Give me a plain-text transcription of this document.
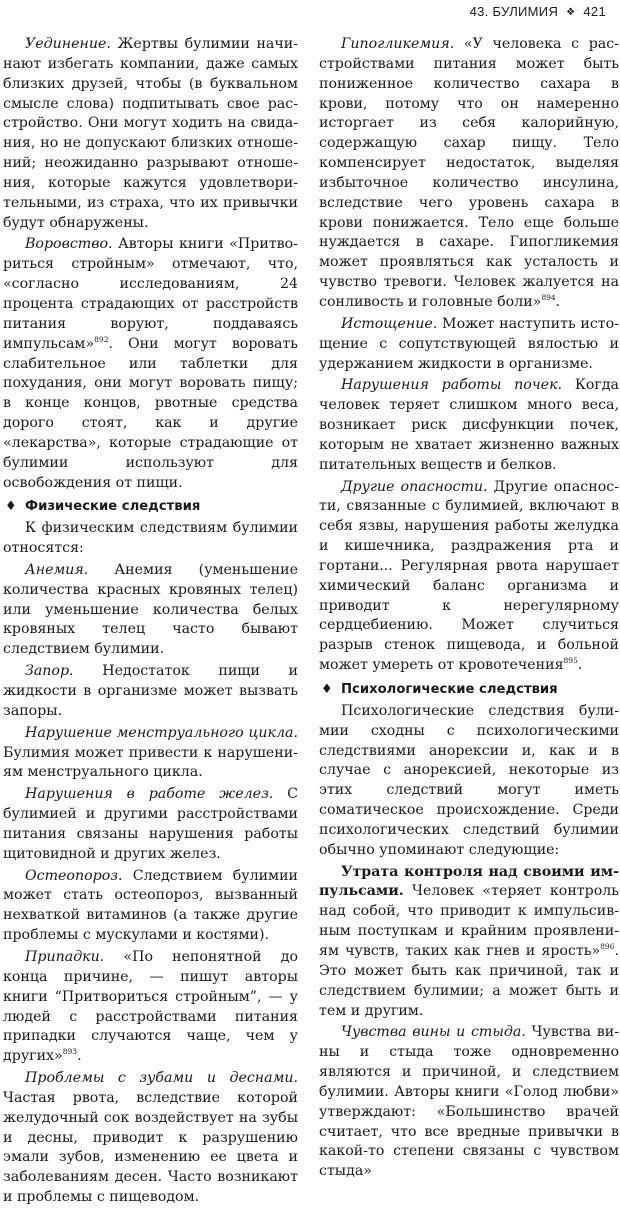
43. БУЛИМИЯ ❖ 421

Уединение. Жертвы булимии начинают избегать компании, даже самых близких друзей, чтобы (в буквальном смысле слова) подпитывать свое расстройство. Они могут ходить на свидания, но не допускают близких отношений; неожиданно разрывают отношения, которые кажутся удовлетворительными, из страха, что их привычки будут обнаружены.

Воровство. Авторы книги «Притвориться стройным» отмечают, что, «согласно исследованиям, 24 процента страдающих от расстройств питания ворyют, поддаваясь импульсам»$^{892}$. Они могут воровать слабительное или таблетки для похудания, они могут воровать пищу; в конце концов, рвотные средства дорого стоят, как и другие «лекарства», которые страдающие от булимии используют для освобождения от пищи.

♦ Физические следствия

К физическим следствиям булимии относятся:

Анемия. Анемия (уменьшение количества красных кровяных телец) или уменьшение количества белых кровяных телец часто бывают следствием булимии.

Запор. Недостаток пищи и жидкости в организме может вызвать запоры.

Нарушение менструального цикла. Булимия может привести к нарушениям менструального цикла.

Нарушения в работе желез. С булимией и другими расстройствами питания связаны нарушения работы щитовидной и других желез.

Остеопороз. Следствием булимии может стать остеопороз, вызванный нехваткой витаминов (а также другие проблемы с мускулами и костями).

Припадки. «По непонятной до конца причине, — пишут авторы книги “Притвориться стройным”, — у людей с расстройствами питания припадки случаются чаще, чем у других»$^{893}$.

Проблемы с зубами и деснами. Частая рвота, вследствие которой желудочный сок воздействует на зубы и десны, приводит к разрушению эмали зубов, изменению ее цвета и заболеваниям десен. Часто возникают и проблемы с пищеводом.

Гипогликемия. «У человека с расстройствами питания может быть пониженное количество сахара в крови, потому что он намеренно исторгает из себя калорийную, содержащую сахар пищу. Тело компенсирует недостаток, выделяя избыточное количество инсулина, вследствие чего уровень сахара в крови понижается. Тело еще больше нуждается в сахаре. Гипогликемия может проявляться как усталость и чувство тревоги. Человек жалуется на сонливость и головные боли»$^{894}$.

Истощение. Может наступить истощение с сопутствующей вялостью и удержанием жидкости в организме.

Нарушения работы почек. Когда человек теряет слишком много веса, возникает риск дисфункции почек, которым не хватает жизненно важных питательных веществ и белков.

Другие опасности. Другие опасности, связанные с булимией, включают в себя язвы, нарушения работы желудка и кишечника, раздражения рта и гортани... Регулярная рвота нарушает химический баланс организма и приводит к нерегулярному сердцебиению. Может случиться разрыв стенок пищевода, и больной может умереть от кровотечения$^{895}$.

♦ Психологические следствия

Психологические следствия булимии сходны с психологическими следствиями анорексии и, как и в случае с анорексией, некоторые из этих следствий могут иметь соматическое происхождение. Среди психологических следствий булимии обычно упоминают следующие:

Утрата контроля над своими импульсами. Человек «теряет контроль над собой, что приводит к импульсивным поступкам и крайним проявлениям чувств, таких как гнев и ярость»$^{896}$. Это может быть как причиной, так и следствием булимии; а может быть и тем и другим.

Чувства вины и стыда. Чувства вины и стыда тоже одновременно являются и причиной, и следствием булимии. Авторы книги «Голод любви» утверждают: «Большинство врачей считает, что все вредные привычки в какой-то степени связаны с чувством стыда»
